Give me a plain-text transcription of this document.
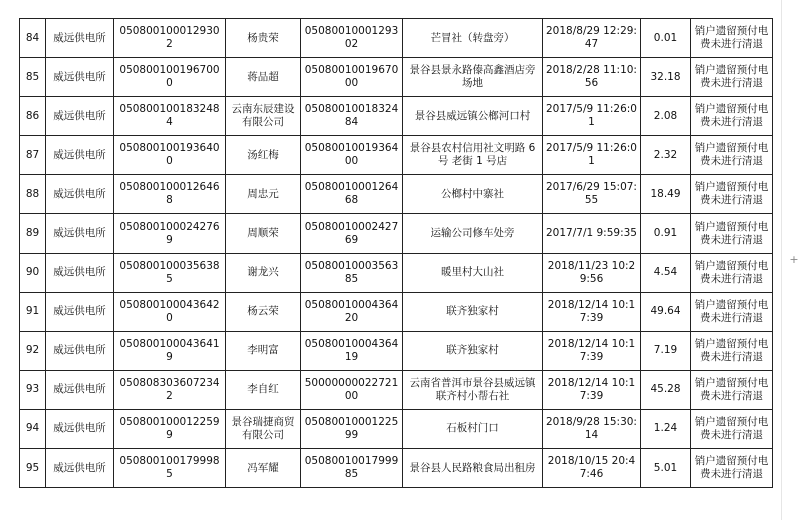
84	威远供电所	0508001000129302	杨贵荣	0508001000129302	芒冒社（转盘旁）	2018/8/29 12:29:47	0.01	销户遗留预付电费未进行清退
85	威远供电所	0508001001967000	蒋品超	0508001001967000	景谷县景永路傣高鑫酒店旁场地	2018/2/28 11:10:56	32.18	销户遗留预付电费未进行清退
86	威远供电所	0508001001832484	云南东辰建设有限公司	0508001001832484	景谷县威远镇公榔河口村	2017/5/9 11:26:01	2.08	销户遗留预付电费未进行清退
87	威远供电所	0508001001936400	汤红梅	0508001001936400	景谷县农村信用社文明路 6 号 老街 1 号店	2017/5/9 11:26:01	2.32	销户遗留预付电费未进行清退
88	威远供电所	0508001000126468	周忠元	0508001000126468	公榔村中寨社	2017/6/29 15:07:55	18.49	销户遗留预付电费未进行清退
89	威远供电所	0508001000242769	周顺荣	0508001000242769	运输公司修车处旁	2017/7/1 9:59:35	0.91	销户遗留预付电费未进行清退
90	威远供电所	0508001000356385	谢龙兴	0508001000356385	暖里村大山社	2018/11/23 10:29:56	4.54	销户遗留预付电费未进行清退
91	威远供电所	0508001000436420	杨云荣	0508001000436420	联齐独家村	2018/12/14 10:17:39	49.64	销户遗留预付电费未进行清退
92	威远供电所	0508001000436419	李明富	0508001000436419	联齐独家村	2018/12/14 10:17:39	7.19	销户遗留预付电费未进行清退
93	威远供电所	0508083036072342	李自红	5000000002272100	云南省普洱市景谷县威远镇联齐村小帮右社	2018/12/14 10:17:39	45.28	销户遗留预付电费未进行清退
94	威远供电所	0508001000122599	景谷瑞捷商贸有限公司	0508001000122599	石板村门口	2018/9/28 15:30:14	1.24	销户遗留预付电费未进行清退
95	威远供电所	0508001001799985	冯军耀	0508001001799985	景谷县人民路粮食局出租房	2018/10/15 20:47:46	5.01	销户遗留预付电费未进行清退
+
